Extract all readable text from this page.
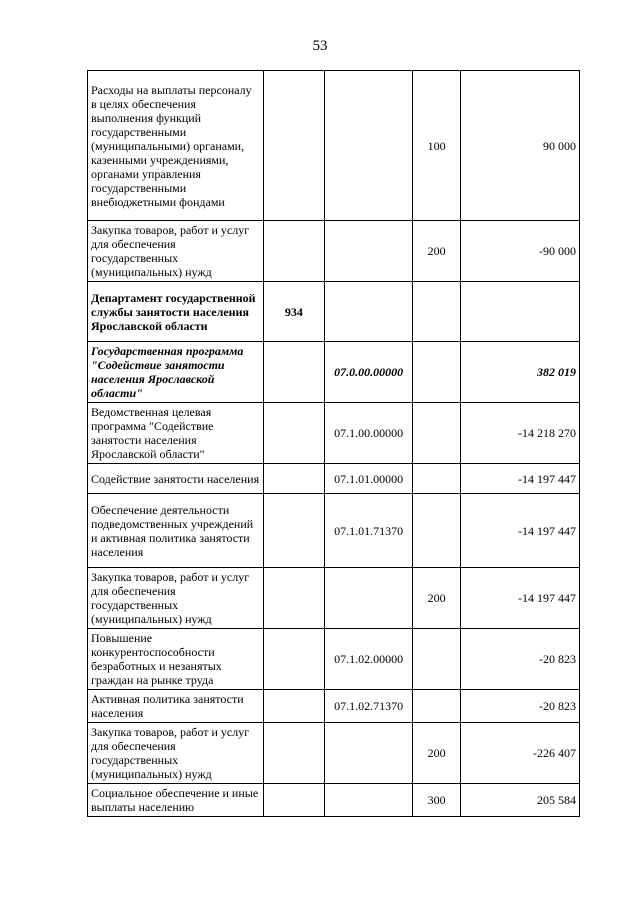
53
Расходы на выплаты персоналу в целях обеспечения выполнения функций государственными (муниципальными) органами, казенными учреждениями, органами управления государственными внебюджетными фондами			100	90 000
Закупка товаров, работ и услуг для обеспечения государственных (муниципальных) нужд			200	-90 000
Департамент государственной службы занятости населения Ярославской области	934			
Государственная программа "Содействие занятости населения Ярославской области"		07.0.00.00000		382 019
Ведомственная целевая программа "Содействие занятости населения Ярославской области"		07.1.00.00000		-14 218 270
Содействие занятости населения		07.1.01.00000		-14 197 447
Обеспечение деятельности подведомственных учреждений и активная политика занятости населения		07.1.01.71370		-14 197 447
Закупка товаров, работ и услуг для обеспечения государственных (муниципальных) нужд			200	-14 197 447
Повышение конкурентоспособности безработных и незанятых граждан на рынке труда		07.1.02.00000		-20 823
Активная политика занятости населения		07.1.02.71370		-20 823
Закупка товаров, работ и услуг для обеспечения государственных (муниципальных) нужд			200	-226 407
Социальное обеспечение и иные выплаты населению			300	205 584
